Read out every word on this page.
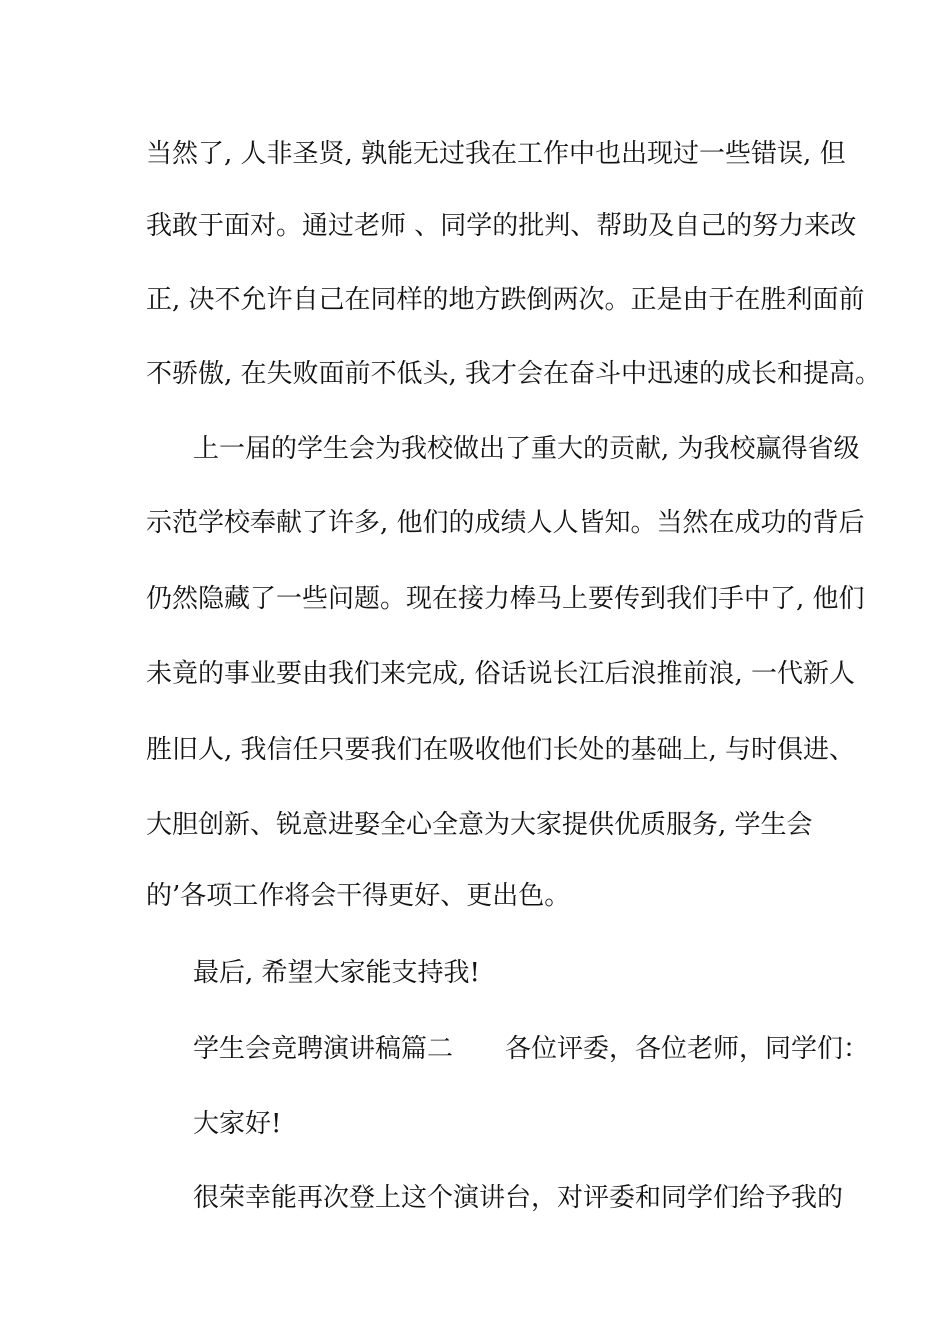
当然了, 人非圣贤, 孰能无过我在工作中也出现过一些错误, 但
我敢于面对。通过老师 、同学的批判、帮助及自己的努力来改
正, 决不允许自己在同样的地方跌倒两次。正是由于在胜利面前
不骄傲, 在失败面前不低头, 我才会在奋斗中迅速的成长和提高。
上一届的学生会为我校做出了重大的贡献, 为我校赢得省级
示范学校奉献了许多, 他们的成绩人人皆知。当然在成功的背后
仍然隐藏了一些问题。现在接力棒马上要传到我们手中了, 他们
未竟的事业要由我们来完成, 俗话说长江后浪推前浪, 一代新人
胜旧人, 我信任只要我们在吸收他们长处的基础上, 与时俱进、
大胆创新、锐意进娶全心全意为大家提供优质服务, 学生会
的’各项工作将会干得更好、更出色。
最后, 希望大家能支持我!
学生会竞聘演讲稿篇二　　各位评委，各位老师，同学们：
大家好!
很荣幸能再次登上这个演讲台，对评委和同学们给予我的
